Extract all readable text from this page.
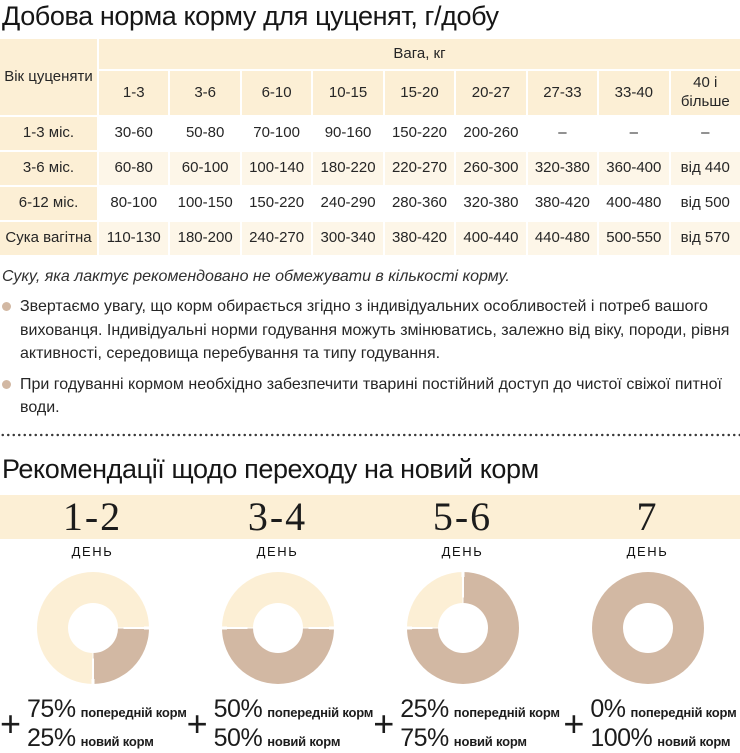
Добова норма корму для цуценят, г/добу
Вік цуценяти
Вага, кг
1-3	3-6	6-10	10-15	15-20	20-27	27-33	33-40
40 і більше
1-3 міс.	30-60	50-80	70-100	90-160	150-220	200-260	–	–	–
3-6 міс.	60-80	60-100	100-140	180-220	220-270	260-300	320-380	360-400	від 440
6-12 міс.	80-100	100-150	150-220	240-290	280-360	320-380	380-420	400-480	від 500
Сука вагітна	110-130	180-200	240-270	300-340	380-420	400-440	440-480	500-550	від 570

Суку, яка лактує рекомендовано не обмежувати в кількості корму.

Звертаємо увагу, що корм обирається згідно з індивідуальних особливостей і потреб вашого вихованця. Індивідуальні норми годування можуть змінюватись, залежно від віку, породи, рівня активності, середовища перебування та типу годування.
При годуванні кормом необхідно забезпечити тварині постійний доступ до чистої свіжої питної води.
Рекомендації щодо переходу на новий корм
1-2	3-4	5-6	7
ДЕНЬ	ДЕНЬ	ДЕНЬ	ДЕНЬ
+ 75% попередній корм
25% новий корм + 50% попередній корм
50% новий корм + 25% попередній корм
75% новий корм + 0% попередній корм
100% новий корм
